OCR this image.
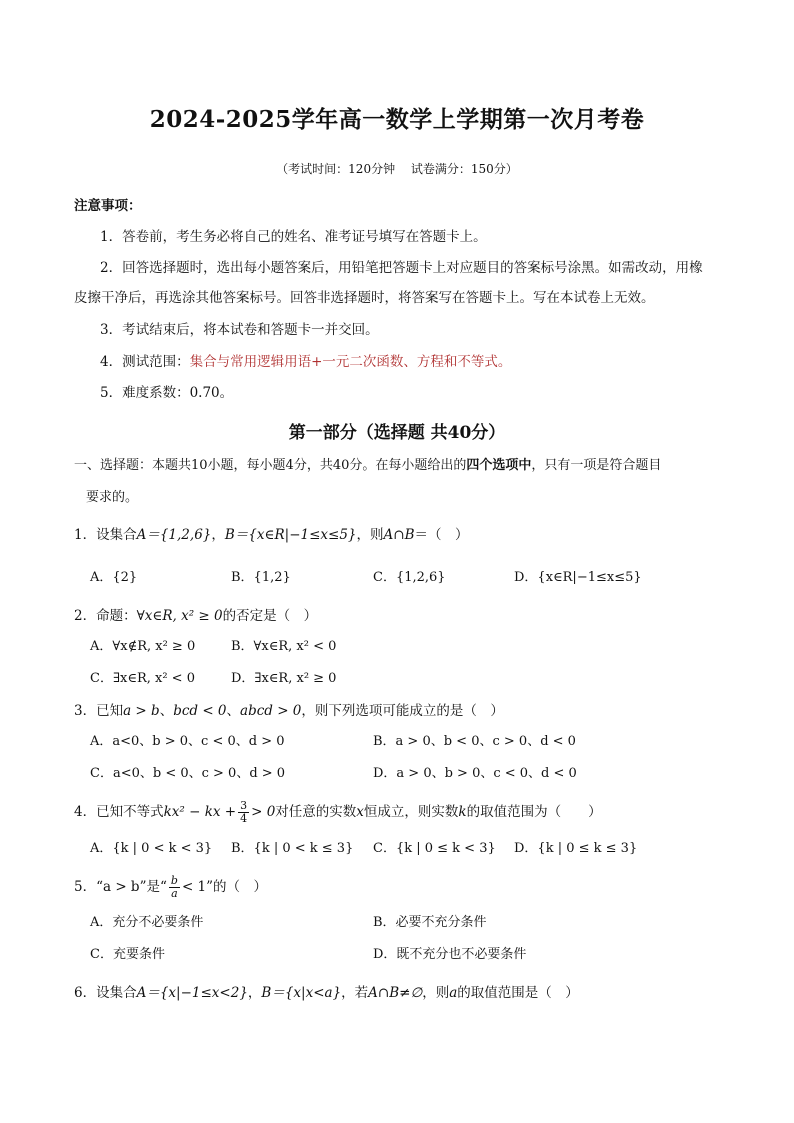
2024-2025学年高一数学上学期第一次月考卷
（考试时间：120分钟 试卷满分：150分）
注意事项：
1．答卷前，考生务必将自己的姓名、准考证号填写在答题卡上。
2．回答选择题时，选出每小题答案后，用铅笔把答题卡上对应题目的答案标号涂黑。如需改动，用橡
皮擦干净后，再选涂其他答案标号。回答非选择题时，将答案写在答题卡上。写在本试卷上无效。
3．考试结束后，将本试卷和答题卡一并交回。
4．测试范围：集合与常用逻辑用语+一元二次函数、方程和不等式。
5．难度系数：0.70。
第一部分（选择题 共40分）
一、选择题：本题共10小题，每小题4分，共40分。在每小题给出的四个选项中，只有一项是符合题目
要求的。
1．设集合A＝{1,2,6}，B＝{x∈R|−1≤x≤5}，则A∩B＝（　）
A．{2}	B．{1,2}	C．{1,2,6}	D．{x∈R|−1≤x≤5}
2．命题：∀x∈R, x² ≥ 0的否定是（　）
A．∀x∉R, x² ≥ 0	B．∀x∈R, x² < 0
C．∃x∈R, x² < 0	D．∃x∈R, x² ≥ 0
3．已知a > b、bcd < 0、abcd > 0，则下列选项可能成立的是（　）
A．a<0、b > 0、c < 0、d > 0	B．a > 0、b < 0、c > 0、d < 0
C．a<0、b < 0、c > 0、d > 0	D．a > 0、b > 0、c < 0、d < 0
4．已知不等式kx² − kx + $\frac{3}{4} > 0$对任意的实数x恒成立，则实数k的取值范围为（　　）
A．{k | 0 < k < 3} B．{k | 0 < k ≤ 3} C．{k | 0 ≤ k < 3} D．{k | 0 ≤ k ≤ 3}
5．“a > b”是“ $\frac{b}{a} < 1$”的（　）
A．充分不必要条件	B．必要不充分条件
C．充要条件	D．既不充分也不必要条件
6．设集合A＝{x|−1≤x<2}，B＝{x|x<a}，若A∩B≠∅，则a的取值范围是（　）
